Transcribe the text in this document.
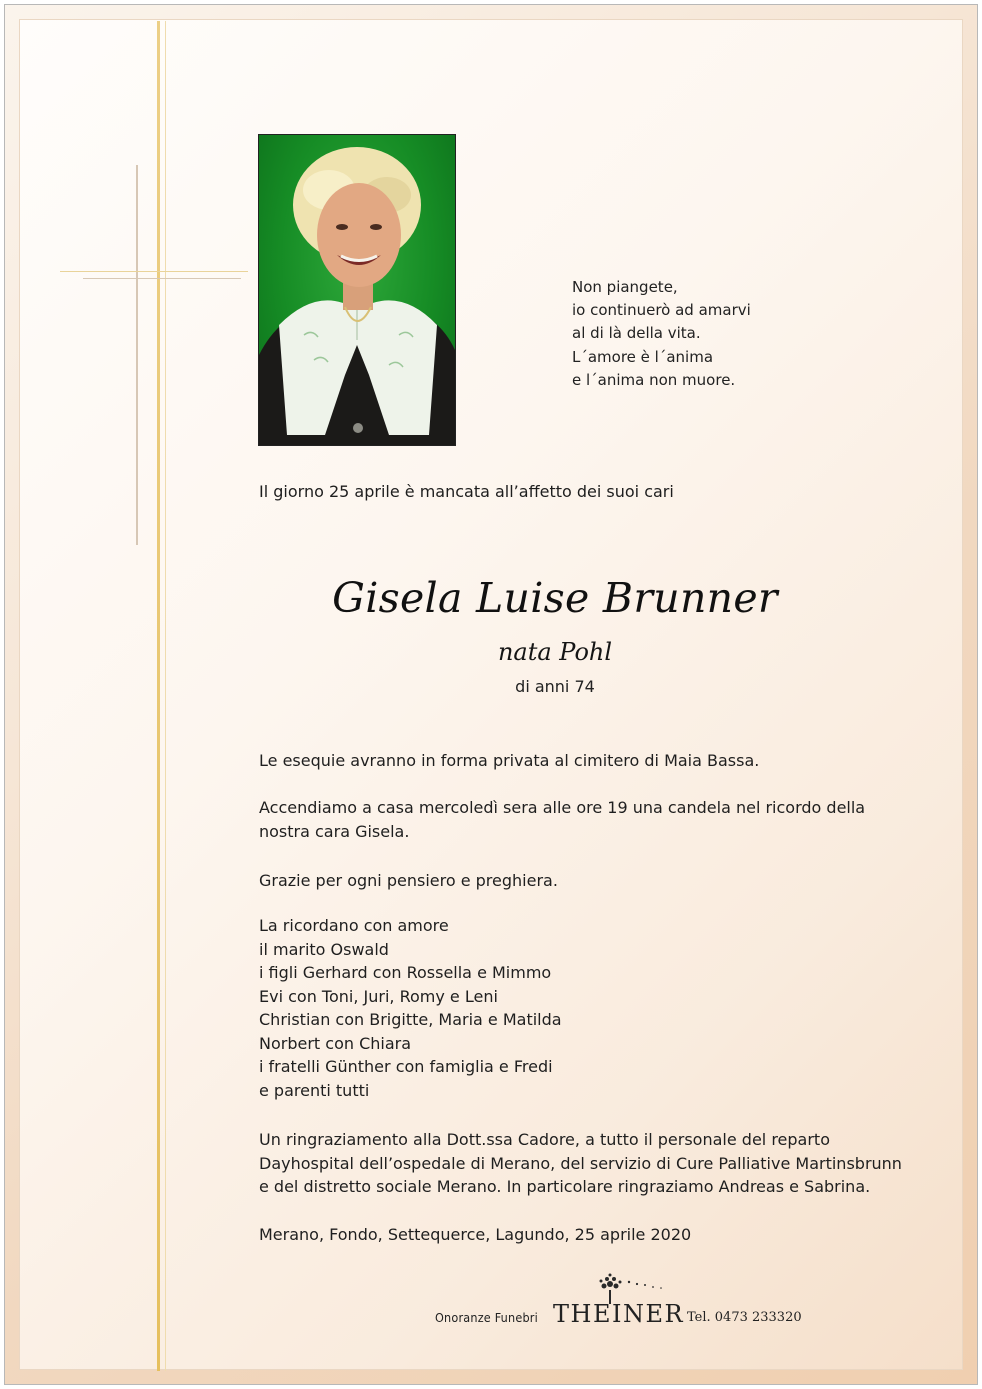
Non piangete,
io continuerò ad amarvi
al di là della vita.
L´amore è l´anima
e l´anima non muore.
Il giorno 25 aprile è mancata all’affetto dei suoi cari
Gisela Luise Brunner
nata Pohl
di anni 74
Le esequie avranno in forma privata al cimitero di Maia Bassa.
Accendiamo a casa mercoledì sera alle ore 19 una candela nel ricordo della
nostra cara Gisela.
Grazie per ogni pensiero e preghiera.
La ricordano con amore
il marito Oswald
i figli Gerhard con Rossella e Mimmo
Evi con Toni, Juri, Romy e Leni
Christian con Brigitte, Maria e Matilda
Norbert con Chiara
i fratelli Günther con famiglia e Fredi
e parenti tutti
Un ringraziamento alla Dott.ssa Cadore, a tutto il personale del reparto
Dayhospital dell’ospedale di Merano, del servizio di Cure Palliative Martinsbrunn
e del distretto sociale Merano. In particolare ringraziamo Andreas e Sabrina.
Merano, Fondo, Settequerce, Lagundo, 25 aprile 2020
Onoranze Funebri THEINER Tel. 0473 233320
